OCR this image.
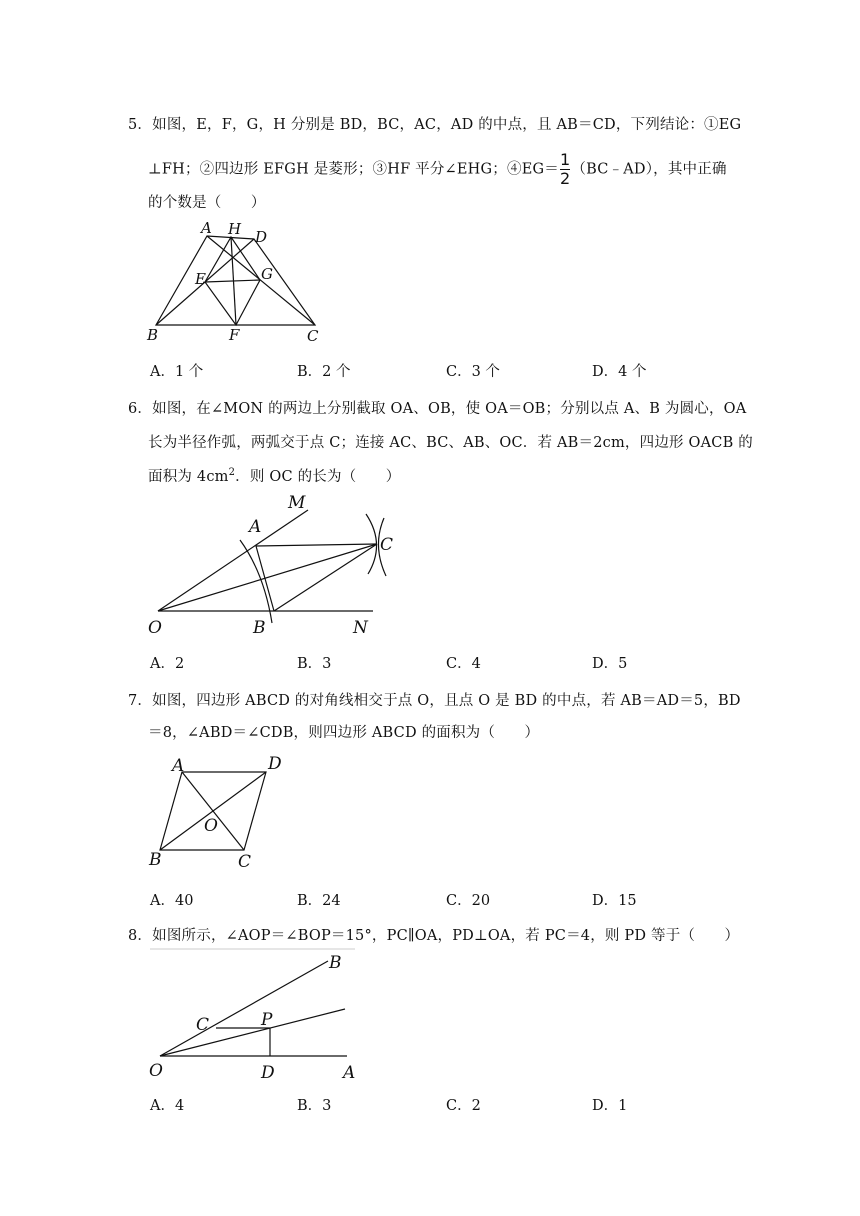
5．如图，E，F，G，H 分别是 BD，BC，AC，AD 的中点，且 AB＝CD，下列结论：①EG
⊥FH；②四边形 EFGH 是菱形；③HF 平分∠EHG；④EG＝ $\frac{1}{2}$ （BC﹣AD），其中正确
的个数是（　　）
A H D
E	G
B	F	C
A．1 个	B．2 个	C．3 个	D．4 个
6．如图，在∠MON 的两边上分别截取 OA、OB，使 OA＝OB；分别以点 A、B 为圆心，OA
长为半径作弧，两弧交于点 C；连接 AC、BC、AB、OC．若 AB＝2cm，四边形 OACB 的
面积为 $4cm^2$．则 OC 的长为（　　）
M
A
C
O	B	N
A．2	B．3	C．4	D．5
7．如图，四边形 ABCD 的对角线相交于点 O，且点 O 是 BD 的中点，若 AB＝AD＝5，BD
＝8，∠ABD＝∠CDB，则四边形 ABCD 的面积为（　　）
A	D
O
B	C
A．40	B．24	C．20	D．15
8．如图所示，∠AOP＝∠BOP＝15°，PC∥OA，PD⊥OA，若 PC＝4，则 PD 等于（　　）
B
C	P
O	D	A
A．4	B．3	C．2	D．1
